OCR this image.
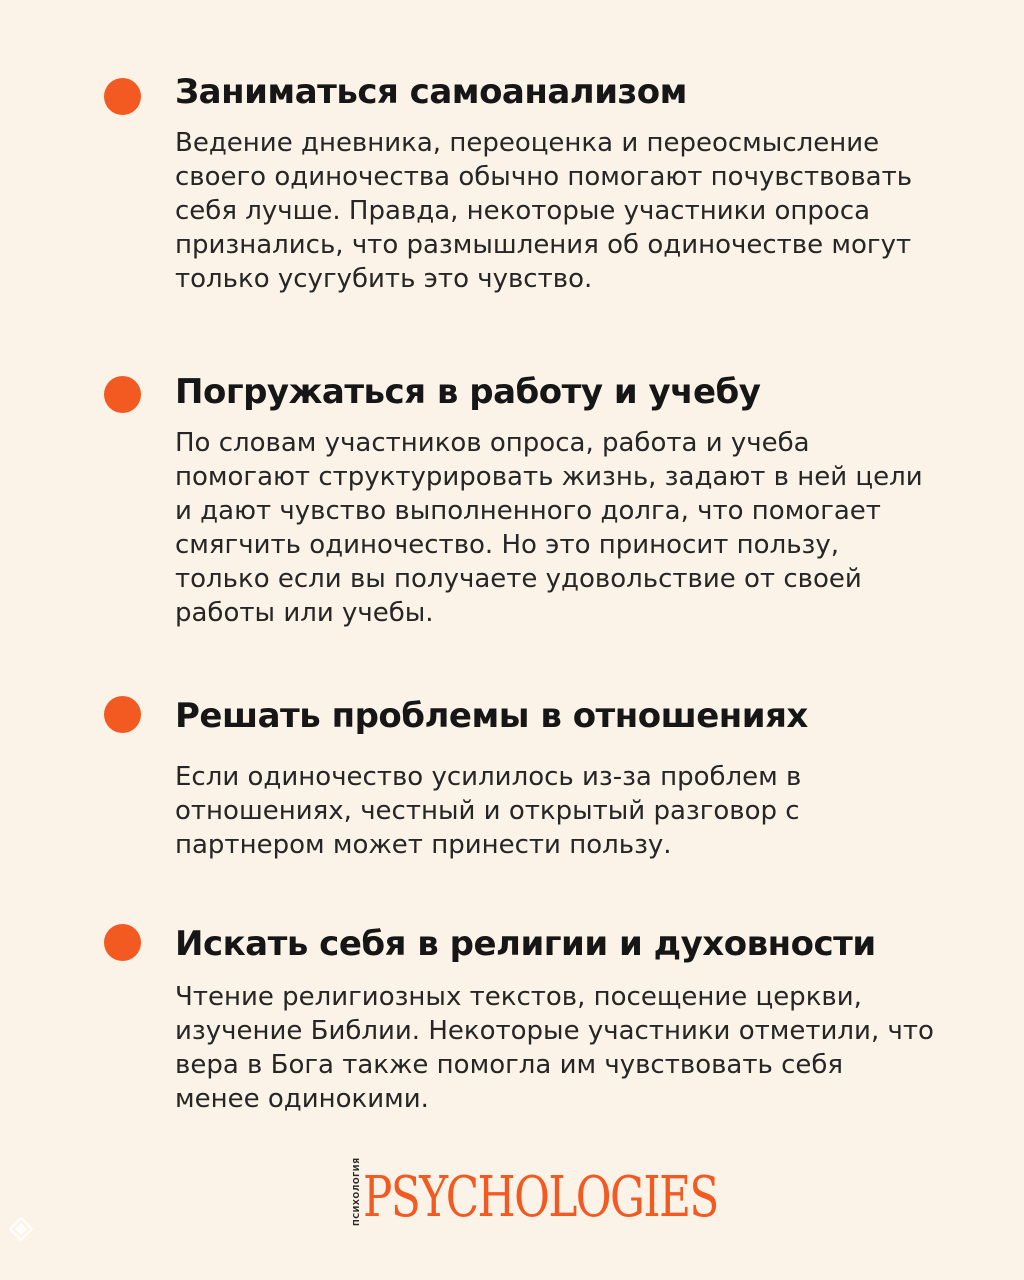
Заниматься самоанализом

Ведение дневника, переоценка и переосмысление своего одиночества обычно помогают почувствовать себя лучше. Правда, некоторые участники опроса признались, что размышления об одиночестве могут только усугубить это чувство.

Погружаться в работу и учебу

По словам участников опроса, работа и учеба помогают структурировать жизнь, задают в ней цели и дают чувство выполненного долга, что помогает смягчить одиночество. Но это приносит пользу, только если вы получаете удовольствие от своей работы или учебы.

Решать проблемы в отношениях

Если одиночество усилилось из-за проблем в отношениях, честный и открытый разговор с партнером может принести пользу.

Искать себя в религии и духовности

Чтение религиозных текстов, посещение церкви, изучение Библии. Некоторые участники отметили, что вера в Бога также помогла им чувствовать себя менее одинокими.

ПСИХОЛОГИЯ PSYCHOLOGIES
